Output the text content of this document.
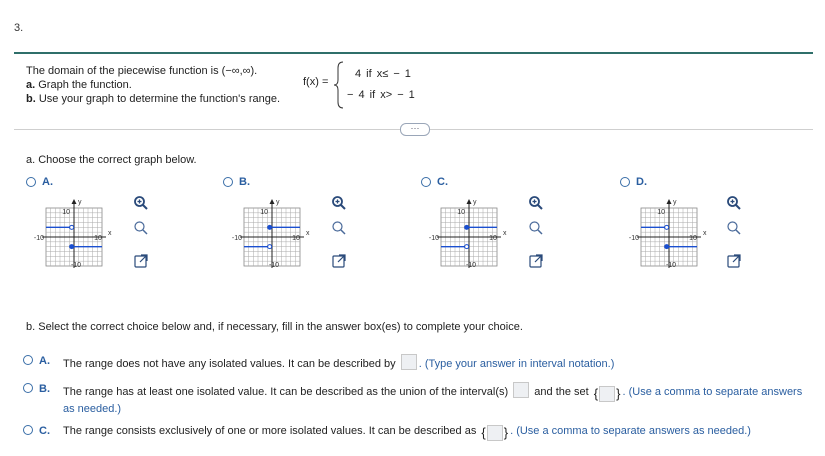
3.
The domain of the piecewise function is (−∞,∞).
a. Graph the function.
b. Use your graph to determine the function's range.
f(x) =
4 if x≤ − 1
− 4 if x> − 1
···
a. Choose the correct graph below.
A.	B.	C.	D.
y
x
10
-10	10
-10
y
x
10
-10	10
-10
y
x
10
-10	10
-10
y
x
10
-10	10
-10
b. Select the correct choice below and, if necessary, fill in the answer box(es) to complete your choice.
A. The range does not have any isolated values. It can be described by . (Type your answer in interval notation.)
B. The range has at least one isolated value. It can be described as the union of the interval(s) and the set { } . (Use a comma to separate answers
as needed.)
C. The range consists exclusively of one or more isolated values. It can be described as { } . (Use a comma to separate answers as needed.)
